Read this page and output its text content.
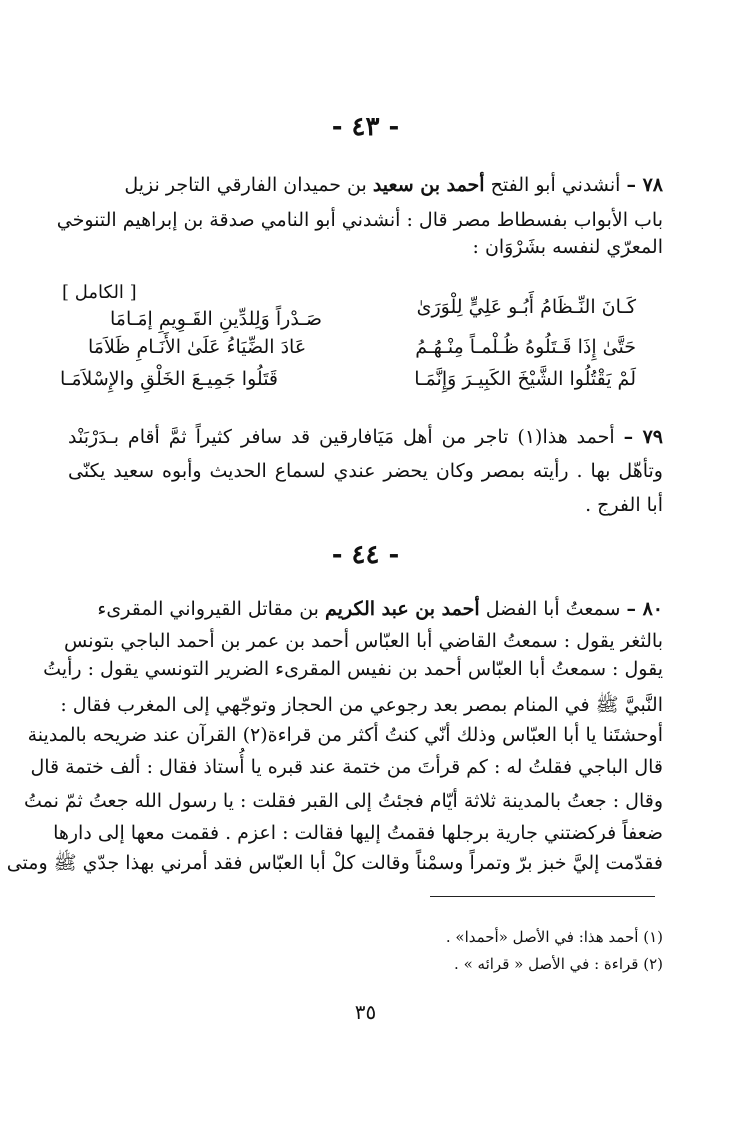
- ٤٣ -
٧٨ – أنشدني أبو الفتح أحمد بن سعيد بن حميدان الفارقي التاجر نزيل
باب الأبواب بفسطاط مصر قال : أنشدني أبو النامي صدقة بن إبراهيم التنوخي
المعرّي لنفسه بشَرْوَان :
[ الكامل ]
كَـانَ النِّـظَامُ أَبُـو عَلِيٍّ لِلْوَرَىٰ
صَـدْراً وَلِلدِّينِ القَـوِيمِ إمَـامَا
حَتَّىٰ إِذَا قَـتَلُوهُ ظُـلْمـاً مِنْـهُـمُ
عَادَ الضِّيَاءُ عَلَىٰ الأَنَـامِ ظَلاَمَا
لَمْ يَقْتُلُوا الشَّيْخَ الكَبِيـرَ وَإِنَّمَـا
قَتَلُوا جَمِيـعَ الخَلْقِ والإِسْلاَمَـا
٧٩ – أحمد هذا(١) تاجر من أهل مَيَافارقين قد سافر كثيراً ثمَّ أقام بـدَرْبَنْد
وتأهّل بها . رأيته بمصر وكان يحضر عندي لسماع الحديث وأبوه سعيد يكنّى
أبا الفرج .
- ٤٤ -
٨٠ – سمعتُ أبا الفضل أحمد بن عبد الكريم بن مقاتل القيرواني المقرىء
بالثغر يقول : سمعتُ القاضي أبا العبّاس أحمد بن عمر بن أحمد الباجي بتونس
يقول : سمعتُ أبا العبّاس أحمد بن نفيس المقرىء الضرير التونسي يقول : رأيتُ
النَّبيَّ ﷺ في المنام بمصر بعد رجوعي من الحجاز وتوجّهي إلى المغرب فقال :
أوحشتَنا يا أبا العبّاس وذلك أنّي كنتُ أكثر من قراءة(٢) القرآن عند ضريحه بالمدينة
قال الباجي فقلتُ له : كم قرأتَ من ختمة عند قبره يا أُستاذ فقال : ألف ختمة قال
وقال : جعتُ بالمدينة ثلاثة أيّام فجئتُ إلى القبر فقلت : يا رسول الله جعتُ ثمّ نمتُ
ضعفاً فركضتني جارية برجلها فقمتُ إليها فقالت : اعزم . فقمت معها إلى دارها
فقدّمت إليَّ خبز برّ وتمراً وسمْناً وقالت كلْ أبا العبّاس فقد أمرني بهذا جدّي ﷺ ومتى
(١) أحمد هذا: في الأصل «أحمدا» .
(٢) قراءة : في الأصل « قرائه » .
٣٥
